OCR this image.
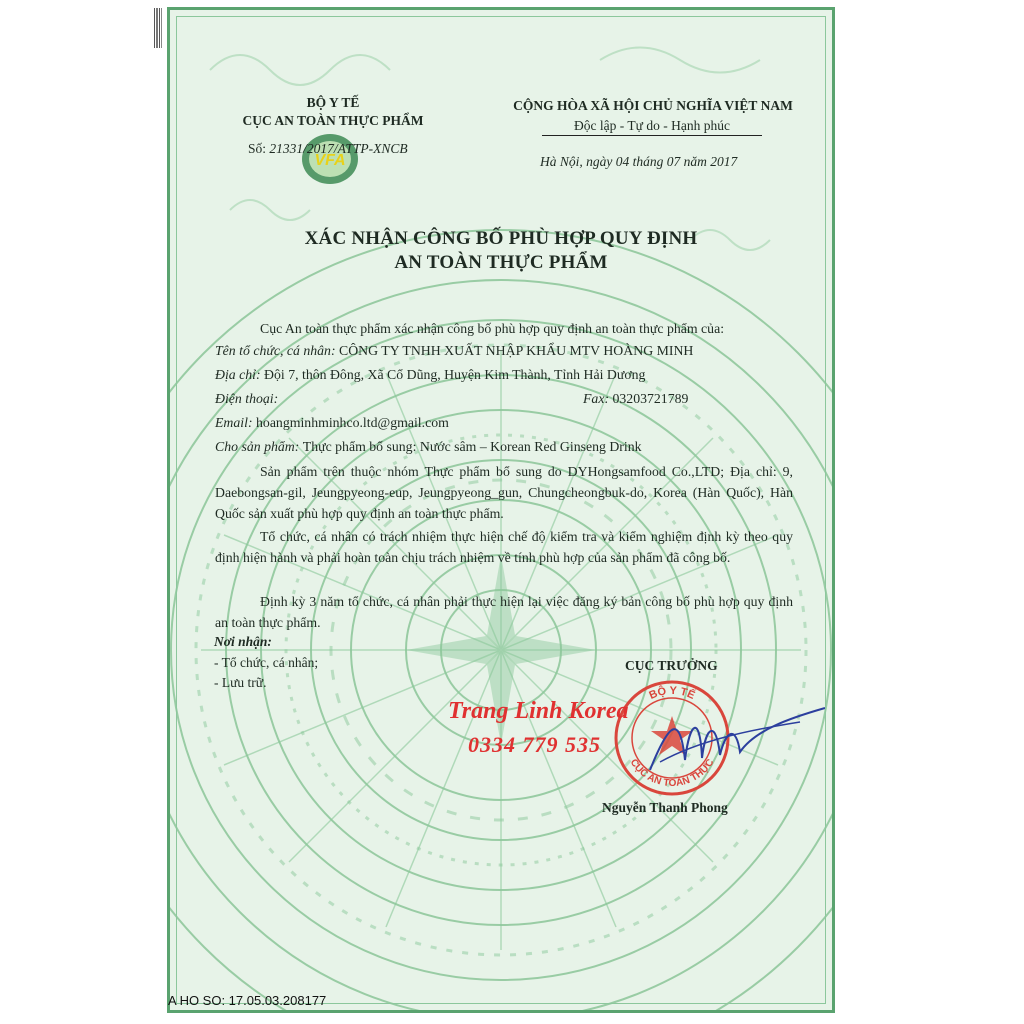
BỘ Y TẾ
CỤC AN TOÀN THỰC PHẨM
VFA
Số: 21331/2017/ATTP-XNCB
CỘNG HÒA XÃ HỘI CHỦ NGHĨA VIỆT NAM
Độc lập - Tự do - Hạnh phúc
Hà Nội, ngày 04 tháng 07 năm 2017
XÁC NHẬN CÔNG BỐ PHÙ HỢP QUY ĐỊNH
AN TOÀN THỰC PHẨM
Cục An toàn thực phẩm xác nhận công bố phù hợp quy định an toàn thực phẩm của:
Tên tổ chức, cá nhân: CÔNG TY TNHH XUẤT NHẬP KHẨU MTV HOÀNG MINH
Địa chỉ: Đội 7, thôn Đông, Xã Cổ Dũng, Huyện Kim Thành, Tỉnh Hải Dương
Điện thoại:	Fax: 03203721789
Email: hoangminhminhco.ltd@gmail.com
Cho sản phẩm: Thực phẩm bổ sung: Nước sâm – Korean Red Ginseng Drink
Sản phẩm trên thuộc nhóm Thực phẩm bổ sung do DYHongsamfood Co.,LTD; Địa chỉ: 9, Daebongsan-gil, Jeungpyeong-eup, Jeungpyeong_gun, Chungcheongbuk-do, Korea (Hàn Quốc), Hàn Quốc sản xuất phù hợp quy định an toàn thực phẩm.
Tổ chức, cá nhân có trách nhiệm thực hiện chế độ kiểm tra và kiểm nghiệm định kỳ theo quy định hiện hành và phải hoàn toàn chịu trách nhiệm về tính phù hợp của sản phẩm đã công bố.
Định kỳ 3 năm tổ chức, cá nhân phải thực hiện lại việc đăng ký bản công bố phù hợp quy định an toàn thực phẩm.
Nơi nhận:
- Tổ chức, cá nhân;
- Lưu trữ.
CỤC TRƯỞNG
BỘ Y TẾ
CỤC AN TOÀN THỰC
Trang Linh Korea
0334 779 535
Nguyễn Thanh Phong
A HO SO: 17.05.03.208177
